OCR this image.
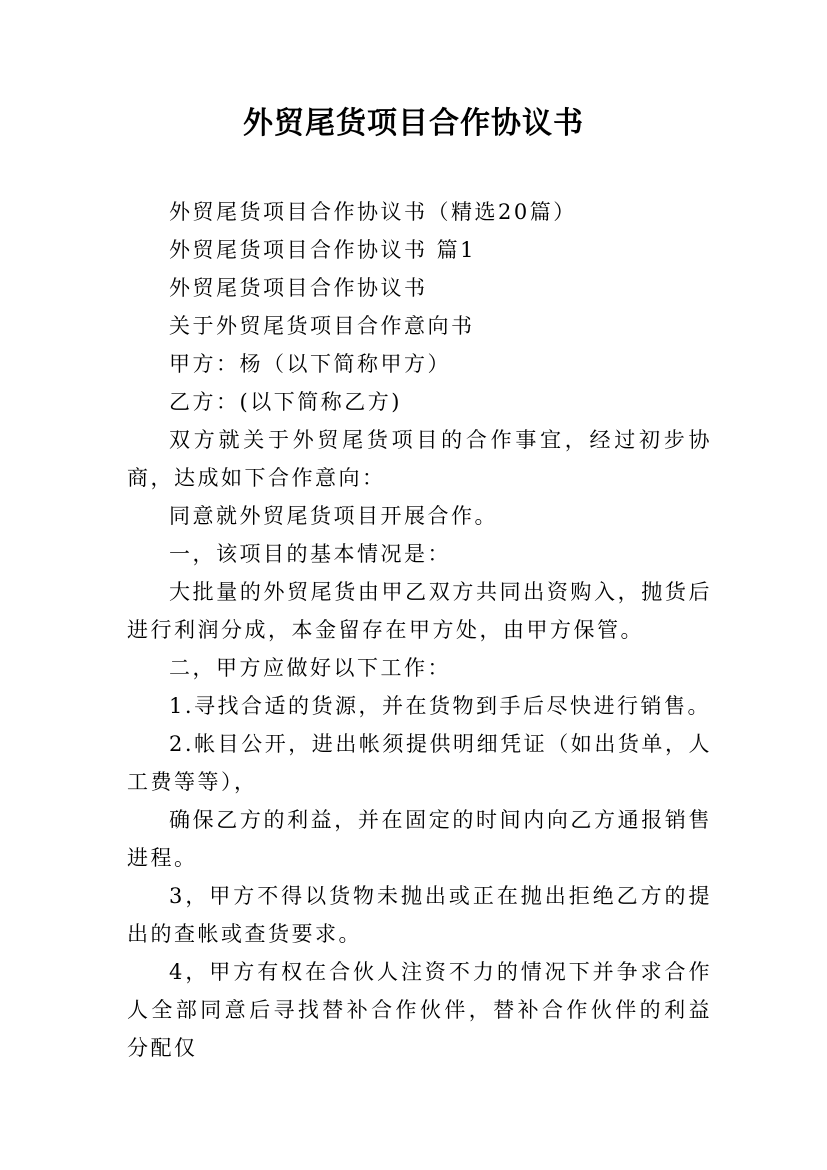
外贸尾货项目合作协议书

外贸尾货项目合作协议书（精选20篇）

外贸尾货项目合作协议书 篇1

外贸尾货项目合作协议书

关于外贸尾货项目合作意向书

甲方：杨（以下简称甲方）

乙方：(以下简称乙方)

双方就关于外贸尾货项目的合作事宜，经过初步协商，达成如下合作意向：

同意就外贸尾货项目开展合作。

一，该项目的基本情况是：

大批量的外贸尾货由甲乙双方共同出资购入，抛货后进行利润分成，本金留存在甲方处，由甲方保管。

二，甲方应做好以下工作：

1.寻找合适的货源，并在货物到手后尽快进行销售。

2.帐目公开，进出帐须提供明细凭证（如出货单，人工费等等），

确保乙方的利益，并在固定的时间内向乙方通报销售进程。

3，甲方不得以货物未抛出或正在抛出拒绝乙方的提出的查帐或查货要求。

4，甲方有权在合伙人注资不力的情况下并争求合作人全部同意后寻找替补合作伙伴，替补合作伙伴的利益分配仅
